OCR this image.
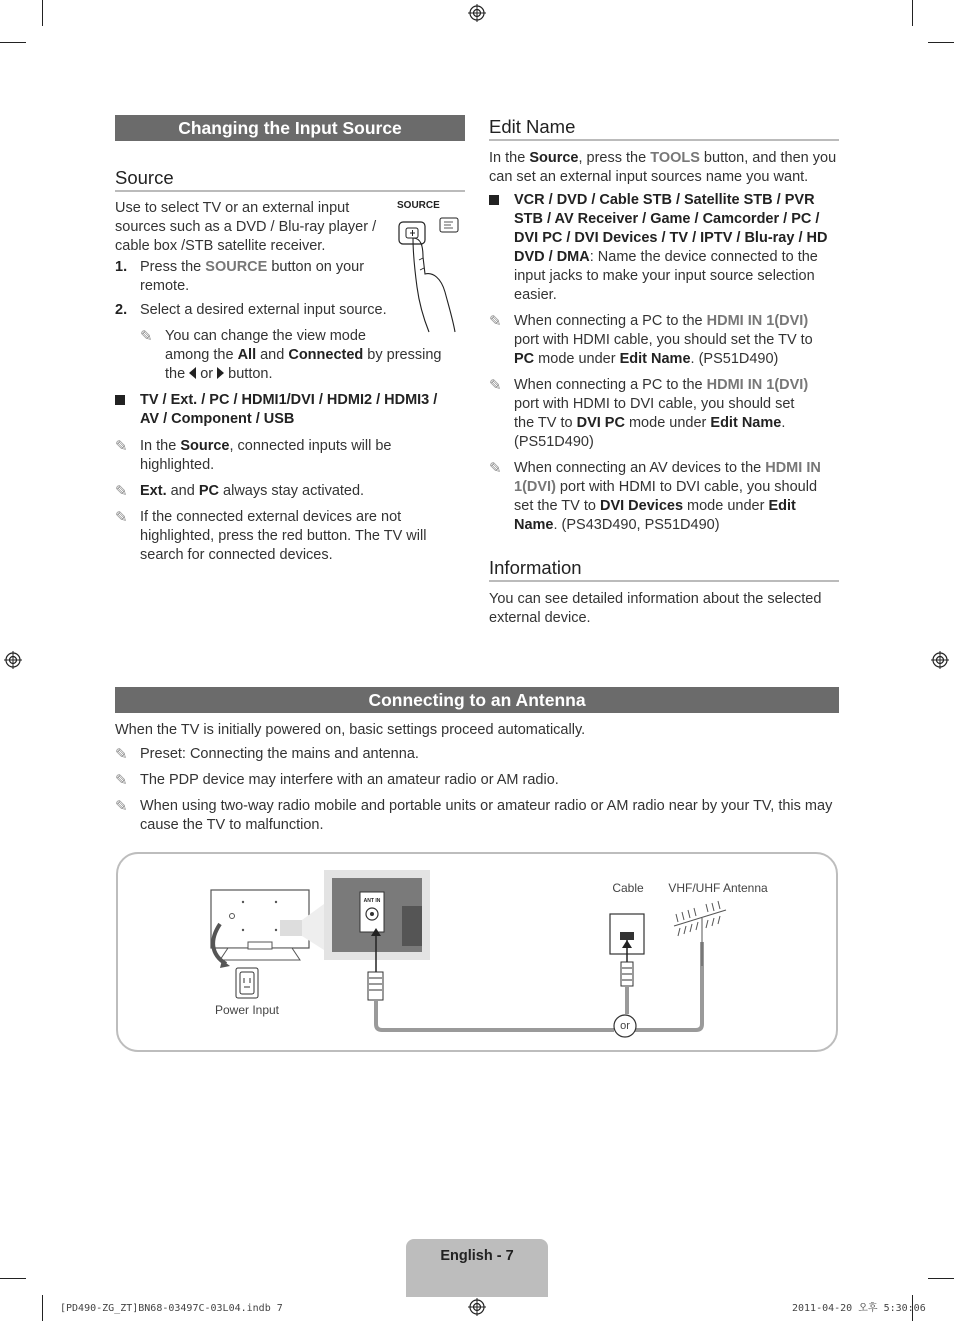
Changing the Input Source
Source
Use to select TV or an external input
sources such as a DVD / Blu-ray player /
cable box /STB satellite receiver.
SOURCE
1. Press the SOURCE button on your
remote.
2. Select a desired external input source.
✎ You can change the view mode
among the All and Connected by pressing
the  or  button.
TV / Ext. / PC / HDMI1/DVI / HDMI2 / HDMI3 /
AV / Component / USB
✎ In the Source, connected inputs will be
highlighted.
✎ Ext. and PC always stay activated.
✎ If the connected external devices are not
highlighted, press the red button. The TV will
search for connected devices.
Edit Name
In the Source, press the TOOLS button, and then you
can set an external input sources name you want.
VCR / DVD / Cable STB / Satellite STB / PVR
STB / AV Receiver / Game / Camcorder / PC /
DVI PC / DVI Devices / TV / IPTV / Blu-ray / HD
DVD / DMA: Name the device connected to the
input jacks to make your input source selection
easier.
✎ When connecting a PC to the HDMI IN 1(DVI)
port with HDMI cable, you should set the TV to
PC mode under Edit Name. (PS51D490)
✎ When connecting a PC to the HDMI IN 1(DVI)
port with HDMI to DVI cable, you should set
the TV to DVI PC mode under Edit Name.
(PS51D490)
✎ When connecting an AV devices to the HDMI IN
1(DVI) port with HDMI to DVI cable, you should
set the TV to DVI Devices mode under Edit
Name. (PS43D490, PS51D490)
Information
You can see detailed information about the selected
external device.
Connecting to an Antenna
When the TV is initially powered on, basic settings proceed automatically.
✎ Preset: Connecting the mains and antenna.
✎ The PDP device may interfere with an amateur radio or AM radio.
✎ When using two-way radio mobile and portable units or amateur radio or AM radio near by your TV, this may
cause the TV to malfunction.
ANT IN
Cable	VHF/UHF Antenna
or
Power Input
English - 7
[PD490-ZG_ZT]BN68-03497C-03L04.indb 7	2011-04-20 오후 5:30:06
